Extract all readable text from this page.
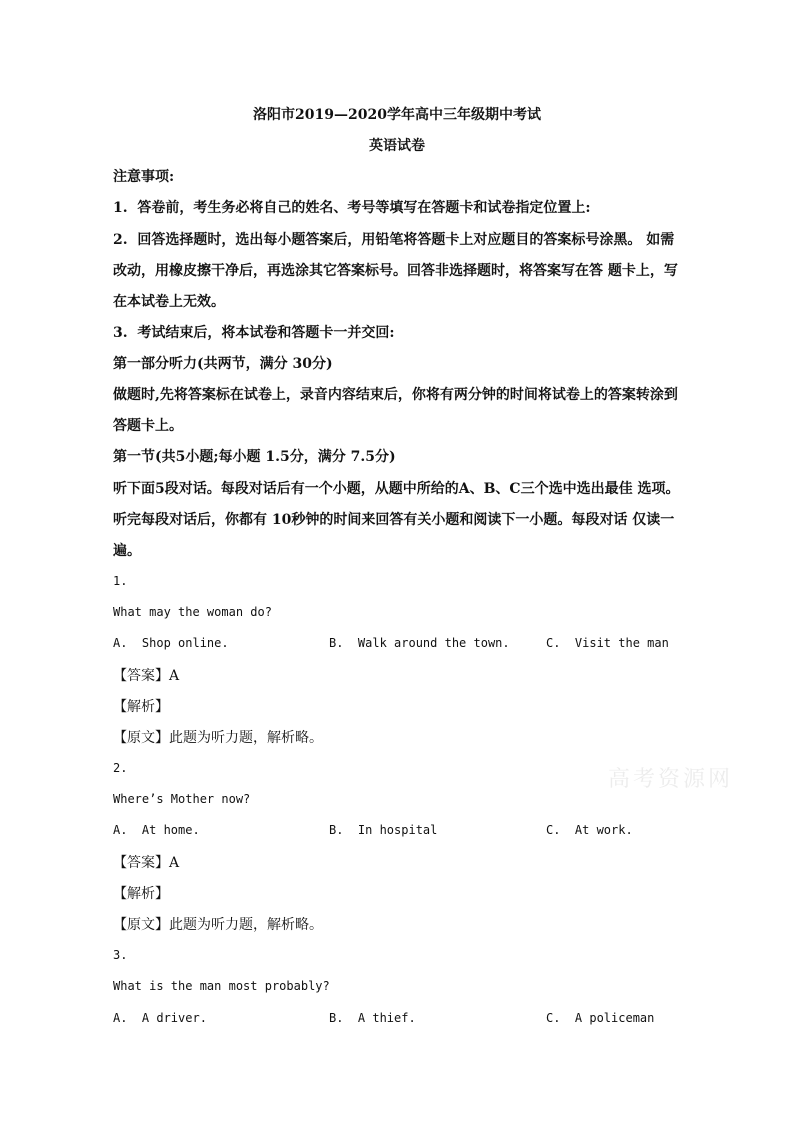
洛阳市2019—2020学年高中三年级期中考试
英语试卷
注意事项:
1.  答卷前，考生务必将自己的姓名、考号等填写在答题卡和试卷指定位置上:
2.  回答选择题时，选出每小题答案后，用铅笔将答题卡上对应题目的答案标号涂黑。 如需
改动，用橡皮擦干净后，再选涂其它答案标号。回答非选择题时，将答案写在答 题卡上，写
在本试卷上无效。
3.  考试结束后，将本试卷和答题卡一并交回:
第一部分听力(共两节，满分 30分)
做题时,先将答案标在试卷上，录音内容结束后，你将有两分钟的时间将试卷上的答案转涂到
答题卡上。
第一节(共5小题;每小题 1.5分，满分 7.5分)
听下面5段对话。每段对话后有一个小题，从题中所给的A、B、C三个选中选出最佳 选项。
听完每段对话后，你都有 10秒钟的时间来回答有关小题和阅读下一小题。每段对话 仅读一
遍。
1.
What may the woman do?
A.  Shop online.	B.  Walk around the town.	C.  Visit the man
【答案】A
【解析】
【原文】此题为听力题，解析略。
2.
Where’s Mother now?
A.  At home.	B.  In hospital	C.  At work.
【答案】A
【解析】
【原文】此题为听力题，解析略。
3.
What is the man most probably?
A.  A driver.	B.  A thief.	C.  A policeman
高考资源网
